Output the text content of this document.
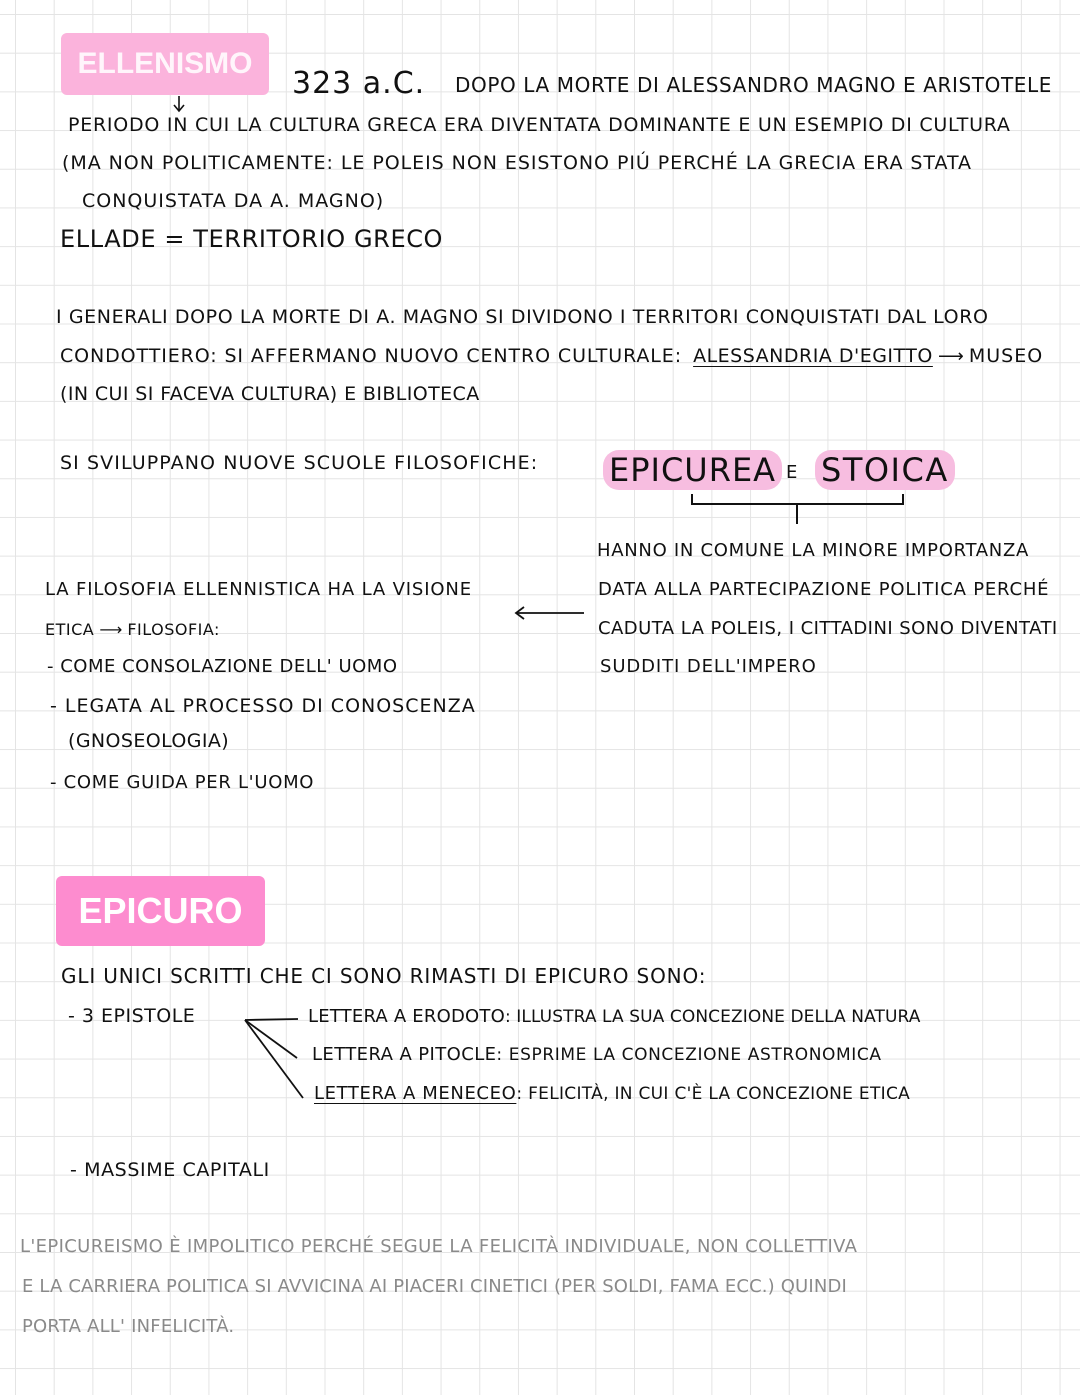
ELLENISMO
323 a.C. DOPO LA MORTE DI ALESSANDRO MAGNO E ARISTOTELE
PERIODO IN CUI LA CULTURA GRECA ERA DIVENTATA DOMINANTE E UN ESEMPIO DI CULTURA
(MA NON POLITICAMENTE: LE POLEIS NON ESISTONO PIÚ PERCHÉ LA GRECIA ERA STATA
CONQUISTATA DA A. MAGNO)
ELLADE = TERRITORIO GRECO
I GENERALI DOPO LA MORTE DI A. MAGNO SI DIVIDONO I TERRITORI CONQUISTATI DAL LORO
CONDOTTIERO: SI AFFERMANO NUOVO CENTRO CULTURALE: ALESSANDRIA D'EGITTO ⟶ MUSEO
(IN CUI SI FACEVA CULTURA) E BIBLIOTECA
SI SVILUPPANO NUOVE SCUOLE FILOSOFICHE: EPICUREA E STOICA
HANNO IN COMUNE LA MINORE IMPORTANZA
DATA ALLA PARTECIPAZIONE POLITICA PERCHÉ
CADUTA LA POLEIS, I CITTADINI SONO DIVENTATI
SUDDITI DELL'IMPERO
LA FILOSOFIA ELLENNISTICA HA LA VISIONE
ETICA ⟶ FILOSOFIA:
- COME CONSOLAZIONE DELL' UOMO
- LEGATA AL PROCESSO DI CONOSCENZA
(GNOSEOLOGIA)
- COME GUIDA PER L'UOMO
EPICURO
GLI UNICI SCRITTI CHE CI SONO RIMASTI DI EPICURO SONO:
- 3 EPISTOLE	LETTERA A ERODOTO: ILLUSTRA LA SUA CONCEZIONE DELLA NATURA
LETTERA A PITOCLE: ESPRIME LA CONCEZIONE ASTRONOMICA
LETTERA A MENECEO: FELICITÀ, IN CUI C'È LA CONCEZIONE ETICA
- MASSIME CAPITALI
L'EPICUREISMO È IMPOLITICO PERCHÉ SEGUE LA FELICITÀ INDIVIDUALE, NON COLLETTIVA
E LA CARRIERA POLITICA SI AVVICINA AI PIACERI CINETICI (PER SOLDI, FAMA ECC.) QUINDI
PORTA ALL' INFELICITÀ.
